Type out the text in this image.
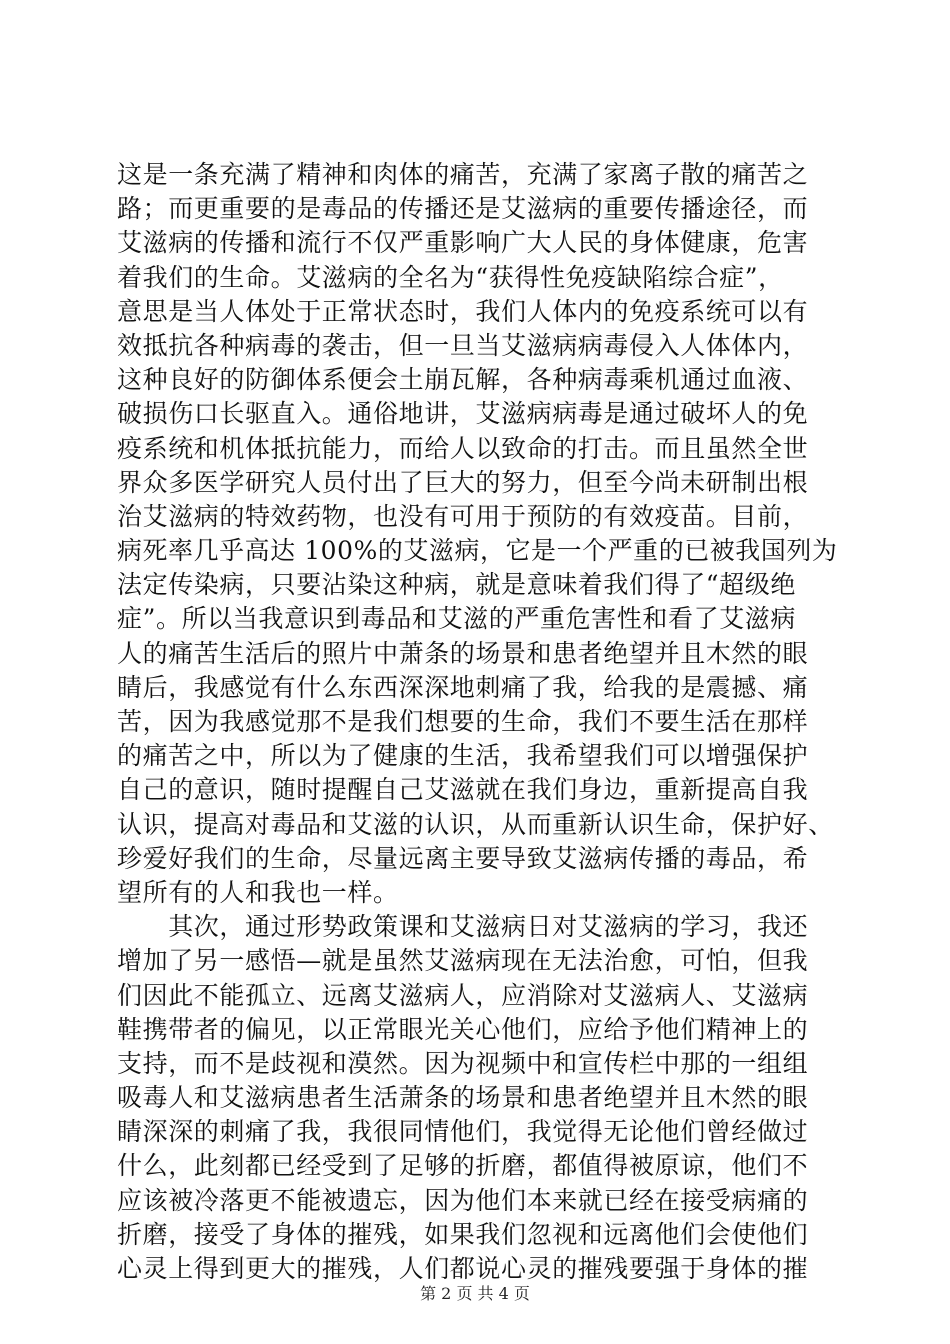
这是一条充满了精神和肉体的痛苦，充满了家离子散的痛苦之
路；而更重要的是毒品的传播还是艾滋病的重要传播途径，而
艾滋病的传播和流行不仅严重影响广大人民的身体健康，危害
着我们的生命。艾滋病的全名为“获得性免疫缺陷综合症”，
意思是当人体处于正常状态时，我们人体内的免疫系统可以有
效抵抗各种病毒的袭击，但一旦当艾滋病病毒侵入人体体内，
这种良好的防御体系便会土崩瓦解，各种病毒乘机通过血液、
破损伤口长驱直入。通俗地讲，艾滋病病毒是通过破坏人的免
疫系统和机体抵抗能力，而给人以致命的打击。而且虽然全世
界众多医学研究人员付出了巨大的努力，但至今尚未研制出根
治艾滋病的特效药物，也没有可用于预防的有效疫苗。目前，
病死率几乎高达 100%的艾滋病，它是一个严重的已被我国列为
法定传染病，只要沾染这种病，就是意味着我们得了“超级绝
症”。所以当我意识到毒品和艾滋的严重危害性和看了艾滋病
人的痛苦生活后的照片中萧条的场景和患者绝望并且木然的眼
睛后，我感觉有什么东西深深地刺痛了我，给我的是震撼、痛
苦，因为我感觉那不是我们想要的生命，我们不要生活在那样
的痛苦之中，所以为了健康的生活，我希望我们可以增强保护
自己的意识，随时提醒自己艾滋就在我们身边，重新提高自我
认识，提高对毒品和艾滋的认识，从而重新认识生命，保护好、
珍爱好我们的生命，尽量远离主要导致艾滋病传播的毒品，希
望所有的人和我也一样。
　　其次，通过形势政策课和艾滋病日对艾滋病的学习，我还
增加了另一感悟—就是虽然艾滋病现在无法治愈，可怕，但我
们因此不能孤立、远离艾滋病人，应消除对艾滋病人、艾滋病
鞋携带者的偏见，以正常眼光关心他们，应给予他们精神上的
支持，而不是歧视和漠然。因为视频中和宣传栏中那的一组组
吸毒人和艾滋病患者生活萧条的场景和患者绝望并且木然的眼
睛深深的刺痛了我，我很同情他们，我觉得无论他们曾经做过
什么，此刻都已经受到了足够的折磨，都值得被原谅，他们不
应该被冷落更不能被遗忘，因为他们本来就已经在接受病痛的
折磨，接受了身体的摧残，如果我们忽视和远离他们会使他们
心灵上得到更大的摧残，人们都说心灵的摧残要强于身体的摧
第 2 页 共 4 页
